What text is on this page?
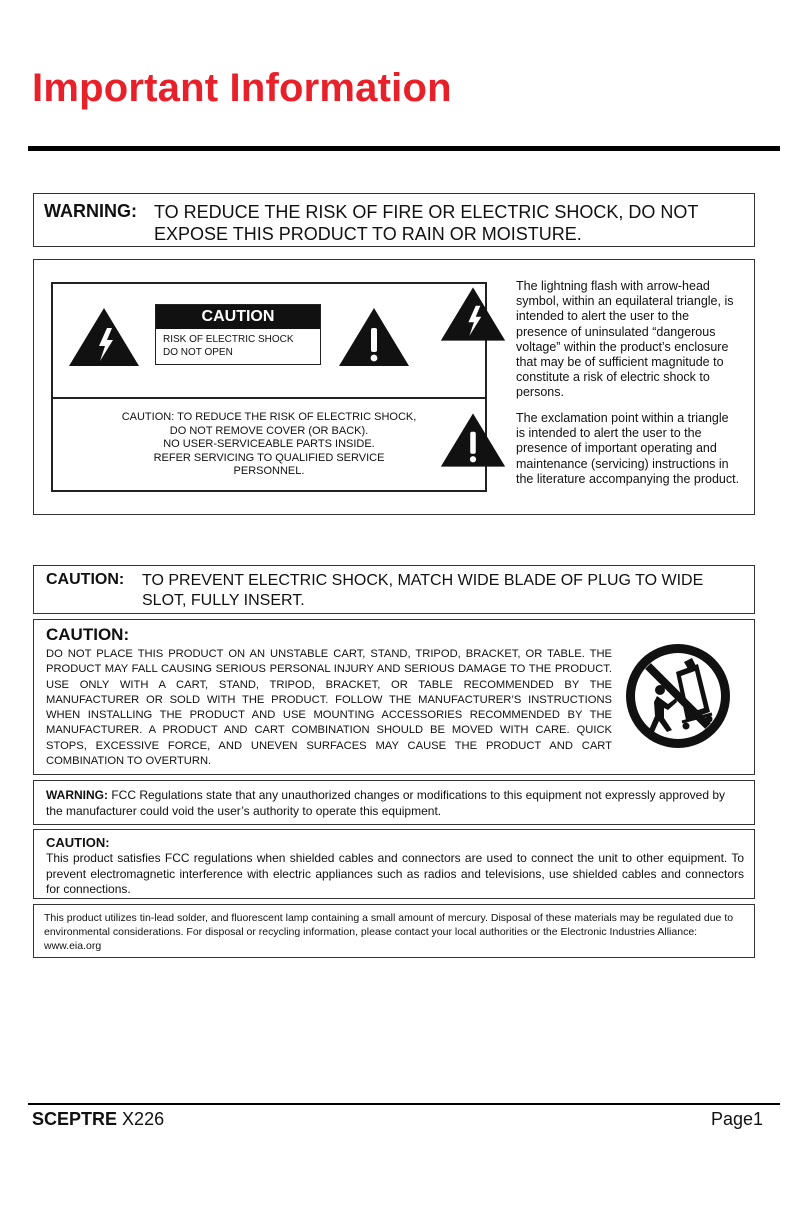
Important Information
WARNING: TO REDUCE THE RISK OF FIRE OR ELECTRIC SHOCK, DO NOT EXPOSE THIS PRODUCT TO RAIN OR MOISTURE.
CAUTION
RISK OF ELECTRIC SHOCK
DO NOT OPEN
CAUTION: TO REDUCE THE RISK OF ELECTRIC SHOCK,
DO NOT REMOVE COVER (OR BACK).
NO USER-SERVICEABLE PARTS INSIDE.
REFER SERVICING TO QUALIFIED SERVICE
PERSONNEL.
The lightning flash with arrow-head symbol, within an equilateral triangle, is intended to alert the user to the presence of uninsulated “dangerous voltage” within the product’s enclosure that may be of sufficient magnitude to constitute a risk of electric shock to persons.
The exclamation point within a triangle is intended to alert the user to the presence of important operating and maintenance (servicing) instructions in the literature accompanying the product.
CAUTION: TO PREVENT ELECTRIC SHOCK, MATCH WIDE BLADE OF PLUG TO WIDE SLOT, FULLY INSERT.
CAUTION:
DO NOT PLACE THIS PRODUCT ON AN UNSTABLE CART, STAND, TRIPOD, BRACKET, OR TABLE. THE PRODUCT MAY FALL CAUSING SERIOUS PERSONAL INJURY AND SERIOUS DAMAGE TO THE PRODUCT. USE ONLY WITH A CART, STAND, TRIPOD, BRACKET, OR TABLE RECOMMENDED BY THE MANUFACTURER OR SOLD WITH THE PRODUCT. FOLLOW THE MANUFACTURER’S INSTRUCTIONS WHEN INSTALLING THE PRODUCT AND USE MOUNTING ACCESSORIES RECOMMENDED BY THE MANUFACTURER. A PRODUCT AND CART COMBINATION SHOULD BE MOVED WITH CARE. QUICK STOPS, EXCESSIVE FORCE, AND UNEVEN SURFACES MAY CAUSE THE PRODUCT AND CART COMBINATION TO OVERTURN.
WARNING: FCC Regulations state that any unauthorized changes or modifications to this equipment not expressly approved by the manufacturer could void the user’s authority to operate this equipment.
CAUTION:
This product satisfies FCC regulations when shielded cables and connectors are used to connect the unit to other equipment. To prevent electromagnetic interference with electric appliances such as radios and televisions, use shielded cables and connectors for connections.
This product utilizes tin-lead solder, and fluorescent lamp containing a small amount of mercury. Disposal of these materials may be regulated due to environmental considerations. For disposal or recycling information, please contact your local authorities or the Electronic Industries Alliance: www.eia.org
SCEPTRE X226	Page1
